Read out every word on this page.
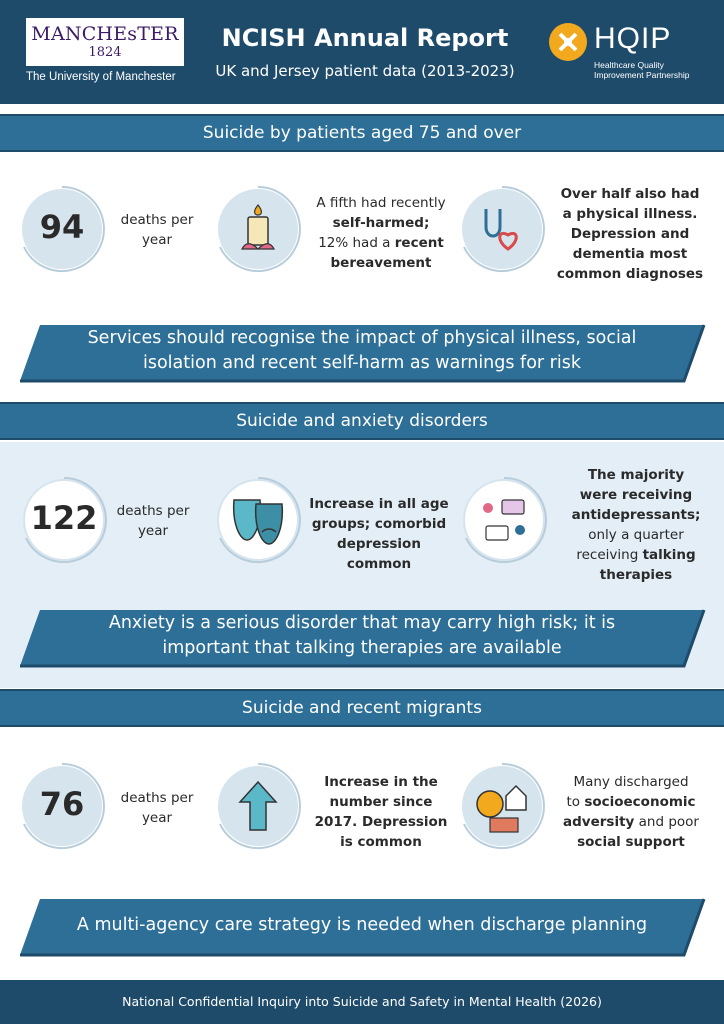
MANCHEsTER
1824
The University of Manchester
NCISH Annual Report
UK and Jersey patient data (2013-2023)
HQIP
Healthcare Quality
Improvement Partnership
Suicide by patients aged 75 and over
94	deaths per
year
A fifth had recently
self-harmed;
12% had a recent
bereavement
Over half also had
a physical illness.
Depression and
dementia most
common diagnoses
Services should recognise the impact of physical illness, social
isolation and recent self-harm as warnings for risk
Suicide and anxiety disorders
122	deaths per
year
Increase in all age
groups; comorbid
depression
common
The majority
were receiving
antidepressants;
only a quarter
receiving talking
therapies
Anxiety is a serious disorder that may carry high risk; it is
important that talking therapies are available
Suicide and recent migrants
76	deaths per
year
Increase in the
number since
2017. Depression
is common
Many discharged
to socioeconomic
adversity and poor
social support
A multi-agency care strategy is needed when discharge planning
National Confidential Inquiry into Suicide and Safety in Mental Health (2026)
